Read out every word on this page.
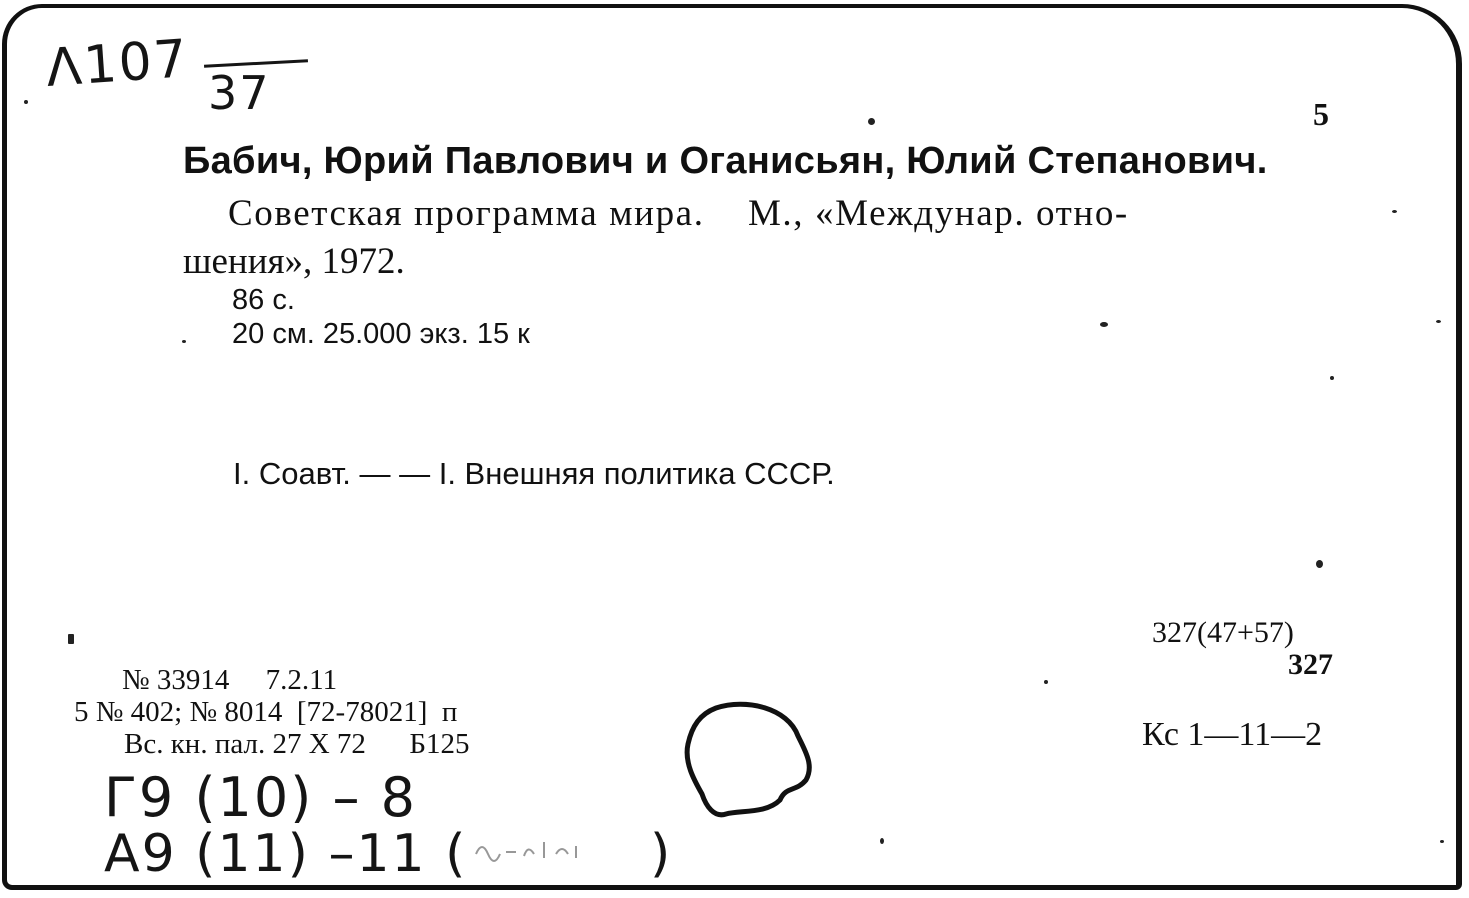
Λ107 37	5
Бабич, Юрий Павлович и Оганисьян, Юлий Степанович.
Советская программа мира.    М., «Междунар. отно-
шения», 1972.
86 с.
20 см. 25.000 экз. 15 к
I. Соавт. — — I. Внешняя политика СССР.
327(47+57)
327
Кс 1—11—2
№ 33914     7.2.11
5 № 402; № 8014  [72-78021]  п
Вс. кн. пал. 27 X 72      Б125
Г9 (10) – 8
А9 (11) –11 (	)
